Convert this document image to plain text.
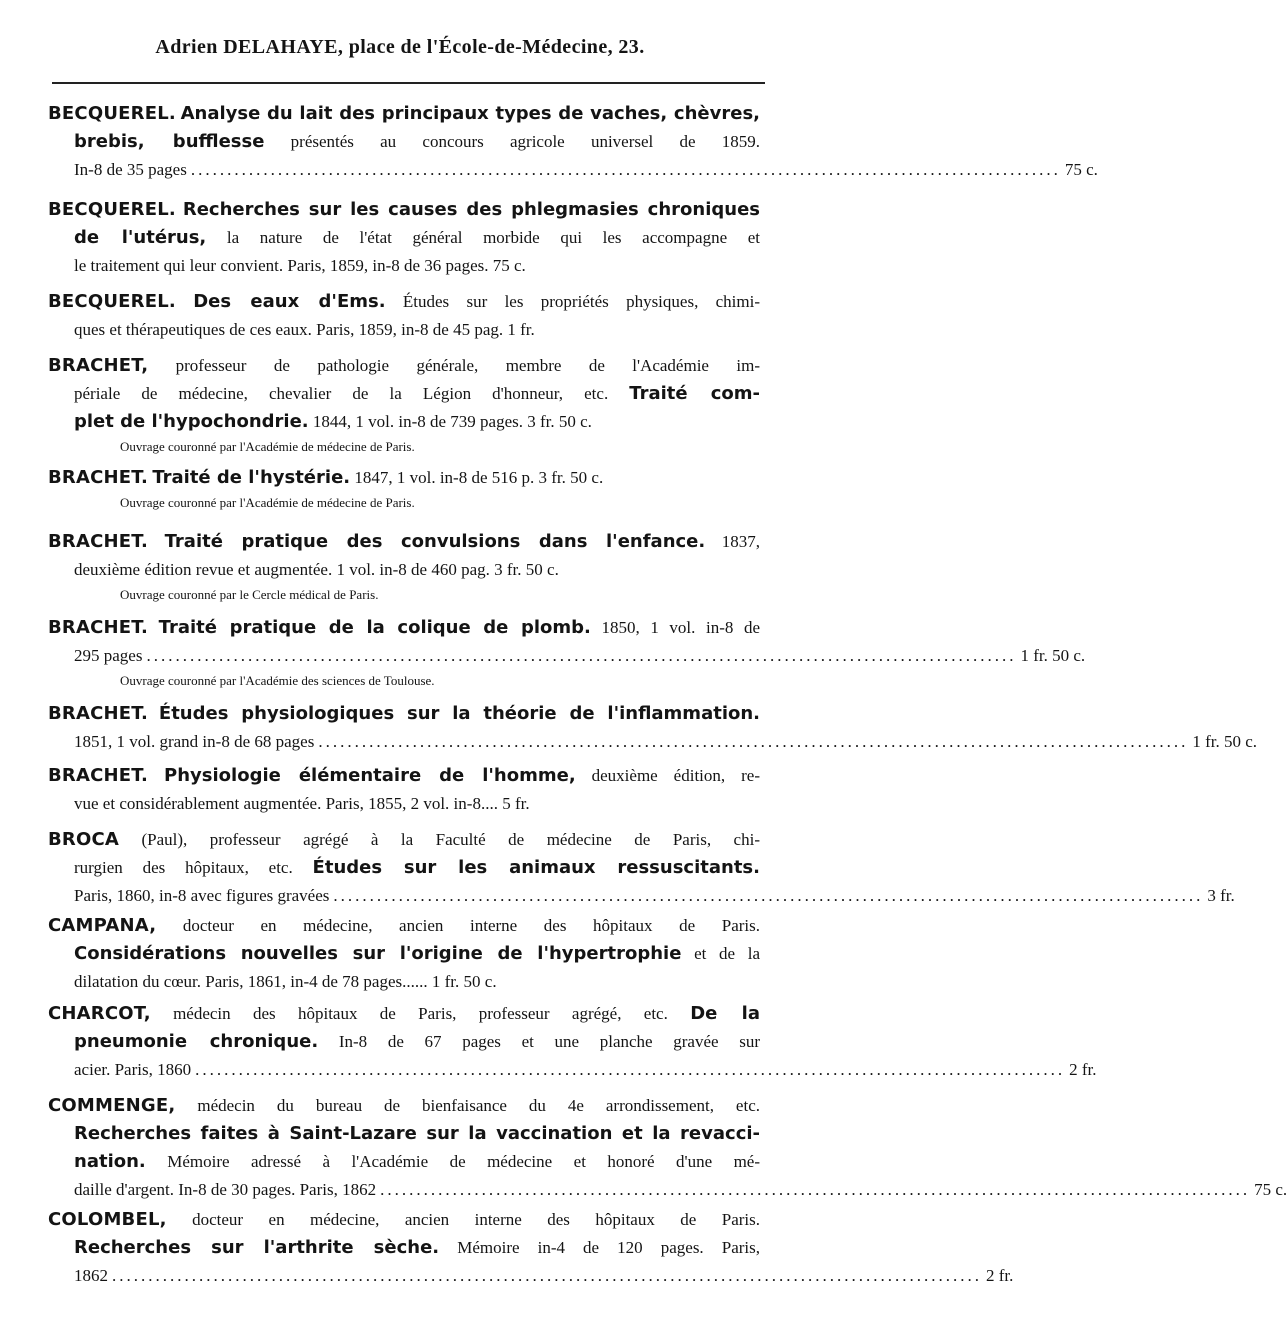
Adrien DELAHAYE, place de l'École-de-Médecine, 23.
BECQUEREL. Analyse du lait des principaux types de vaches, chèvres,
brebis, bufflesse présentés au concours agricole universel de 1859.
In-8 de 35 pages ........................................................................................................................ 75 c.
BECQUEREL. Recherches sur les causes des phlegmasies chroniques
de l'utérus, la nature de l'état général morbide qui les accompagne et
le traitement qui leur convient. Paris, 1859, in-8 de 36 pages. 75 c.
BECQUEREL. Des eaux d'Ems. Études sur les propriétés physiques, chimi-
ques et thérapeutiques de ces eaux. Paris, 1859, in-8 de 45 pag. 1 fr.
BRACHET, professeur de pathologie générale, membre de l'Académie im-
périale de médecine, chevalier de la Légion d'honneur, etc. Traité com-
plet de l'hypochondrie. 1844, 1 vol. in-8 de 739 pages. 3 fr. 50 c.
BRACHET. Traité de l'hystérie. 1847, 1 vol. in-8 de 516 p. 3 fr. 50 c.
BRACHET. Traité pratique des convulsions dans l'enfance. 1837,
deuxième édition revue et augmentée. 1 vol. in-8 de 460 pag. 3 fr. 50 c.
BRACHET. Traité pratique de la colique de plomb. 1850, 1 vol. in-8 de
295 pages ........................................................................................................................ 1 fr. 50 c.
BRACHET. Études physiologiques sur la théorie de l'inflammation.
1851, 1 vol. grand in-8 de 68 pages ........................................................................................................................ 1 fr. 50 c.
BRACHET. Physiologie élémentaire de l'homme, deuxième édition, re-
vue et considérablement augmentée. Paris, 1855, 2 vol. in-8.... 5 fr.
BROCA (Paul), professeur agrégé à la Faculté de médecine de Paris, chi-
rurgien des hôpitaux, etc. Études sur les animaux ressuscitants.
Paris, 1860, in-8 avec figures gravées ........................................................................................................................ 3 fr.
CAMPANA, docteur en médecine, ancien interne des hôpitaux de Paris.
Considérations nouvelles sur l'origine de l'hypertrophie et de la
dilatation du cœur. Paris, 1861, in-4 de 78 pages...... 1 fr. 50 c.
CHARCOT, médecin des hôpitaux de Paris, professeur agrégé, etc. De la
pneumonie chronique. In-8 de 67 pages et une planche gravée sur
acier. Paris, 1860 ........................................................................................................................ 2 fr.
COMMENGE, médecin du bureau de bienfaisance du 4e arrondissement, etc.
Recherches faites à Saint-Lazare sur la vaccination et la revacci-
nation. Mémoire adressé à l'Académie de médecine et honoré d'une mé-
daille d'argent. In-8 de 30 pages. Paris, 1862 ........................................................................................................................ 75 c.
COLOMBEL, docteur en médecine, ancien interne des hôpitaux de Paris.
Recherches sur l'arthrite sèche. Mémoire in-4 de 120 pages. Paris,
1862 ........................................................................................................................ 2 fr.
Ouvrage couronné par l'Académie de médecine de Paris.
Ouvrage couronné par l'Académie de médecine de Paris.
Ouvrage couronné par le Cercle médical de Paris.
Ouvrage couronné par l'Académie des sciences de Toulouse.
